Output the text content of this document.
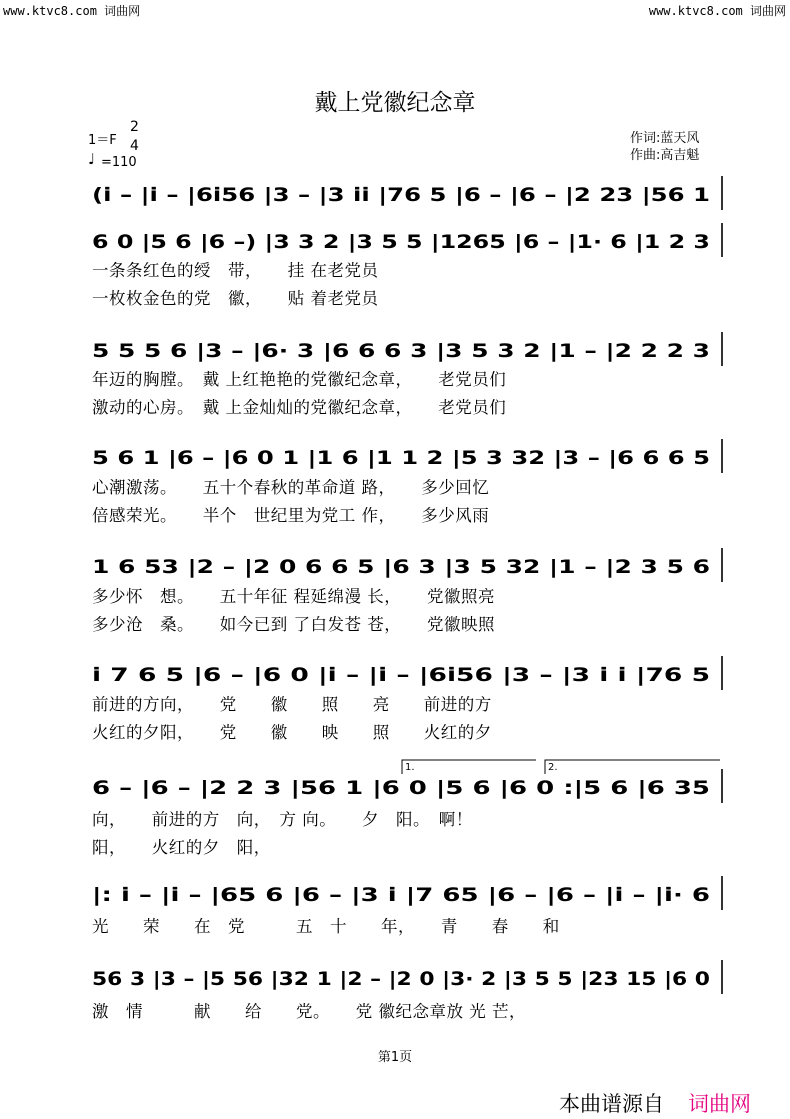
www.ktvc8.com 词曲网	www.ktvc8.com 词曲网
戴上党徽纪念章
1＝F
2
4
♩ =110
作词:蓝天风
作曲:高吉魁
(i̇ – |i̇ – |6i̇56 |3 – |3 i̇i̇ |76 5 |6 – |6 – |2 23 |56 1
6 0 |5 6 |6 –) |3 3 2 |3 5 5 |1265 |6 – |1· 6 |1 2 3
5 5 5 6 |3 – |6· 3 |6 6 6 3 |3 5 3 2 |1 – |2 2 2 3
5 6 1 |6 – |6 0 1 |1 6 |1 1 2 |5 3 32 |3 – |6 6 6 5
1 6 53 |2 – |2 0 6 6 5 |6 3 |3 5 32 |1 – |2 3 5 6
i̇ 7 6 5 |6 – |6 0 |i̇ – |i̇ – |6i̇56 |3 – |3 i̇ i̇ |76 5
6 – |6 – |2 2 3 |56 1 |6 0 |5 6 |6 0 :|5 6 |6 35
1.	2.
|: i̇ – |i̇ – |65 6 |6 – |3 i̇ |7 65 |6 – |6 – |i̇ – |i̇· 6
56 3 |3 – |5 56 |32 1 |2 – |2 0 |3· 2 |3 5 5 |23 15 |6 0
一条条红色的绶　带，　　挂 在老党员
一枚枚金色的党　徽，　　贴 着老党员
年迈的胸膛。　戴 上红艳艳的党徽纪念章，　　老党员们
激动的心房。　戴 上金灿灿的党徽纪念章，　　老党员们
心潮激荡。　　五十个春秋的革命道 路，　　多少回忆
倍感荣光。　　半个　世纪里为党工 作，　　多少风雨
多少怀　想。　　五十年征 程延绵漫 长，　　党徽照亮
多少沧　桑。　　如今已到 了白发苍 苍，　　党徽映照
前进的方向，　　党　　徽　　照　　亮　　前进的方
火红的夕阳，　　党　　徽　　映　　照　　火红的夕
向，　　前进的方　向，　方 向。　　夕　阳。　啊！
阳，　　火红的夕　阳，
光　　荣　　在　党　　　五　十　　年，　　青　　春　　和
激　情　　　献　　给　　党。　　党 徽纪念章放 光 芒，
第1页
本曲谱源自 词曲网
